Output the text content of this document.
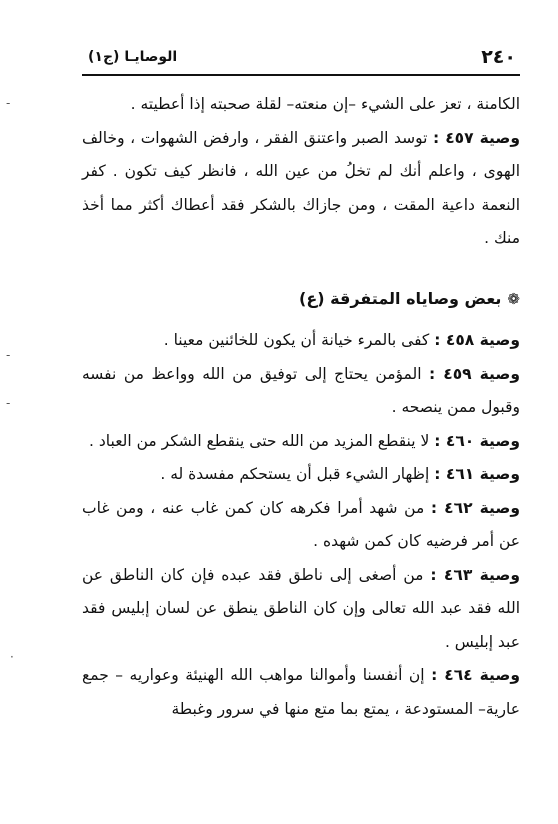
-
-
-
·
٢٤٠
الوصايـا (ج١)

الكامنة ، تعز على الشيء –إن منعته– لقلة صحبته إذا أعطيته .

وصية ٤٥٧ : توسد الصبر واعتنق الفقر ، وارفض الشهوات ، وخالف الهوى ، واعلم أنك لم تخلُ من عين الله ، فانظر كيف تكون . كفر النعمة داعية المقت ، ومن جازاك بالشكر فقد أعطاك أكثر مما أخذ منك .

❁بعض وصاياه المتفرقة (ع)

وصية ٤٥٨ : كفى بالمرء خيانة أن يكون للخائنين معينا .

وصية ٤٥٩ : المؤمن يحتاج إلى توفيق من الله وواعظ من نفسه وقبول ممن ينصحه .

وصية ٤٦٠ : لا ينقطع المزيد من الله حتى ينقطع الشكر من العباد .

وصية ٤٦١ : إظهار الشيء قبل أن يستحكم مفسدة له .

وصية ٤٦٢ : من شهد أمرا فكرهه كان كمن غاب عنه ، ومن غاب عن أمر فرضيه كان كمن شهده .

وصية ٤٦٣ : من أصغى إلى ناطق فقد عبده فإن كان الناطق عن الله فقد عبد الله تعالى وإن كان الناطق ينطق عن لسان إبليس فقد عبد إبليس .

وصية ٤٦٤ : إن أنفسنا وأموالنا مواهب الله الهنيئة وعواريه – جمع عارية– المستودعة ، يمتع بما متع منها في سرور وغبطة
